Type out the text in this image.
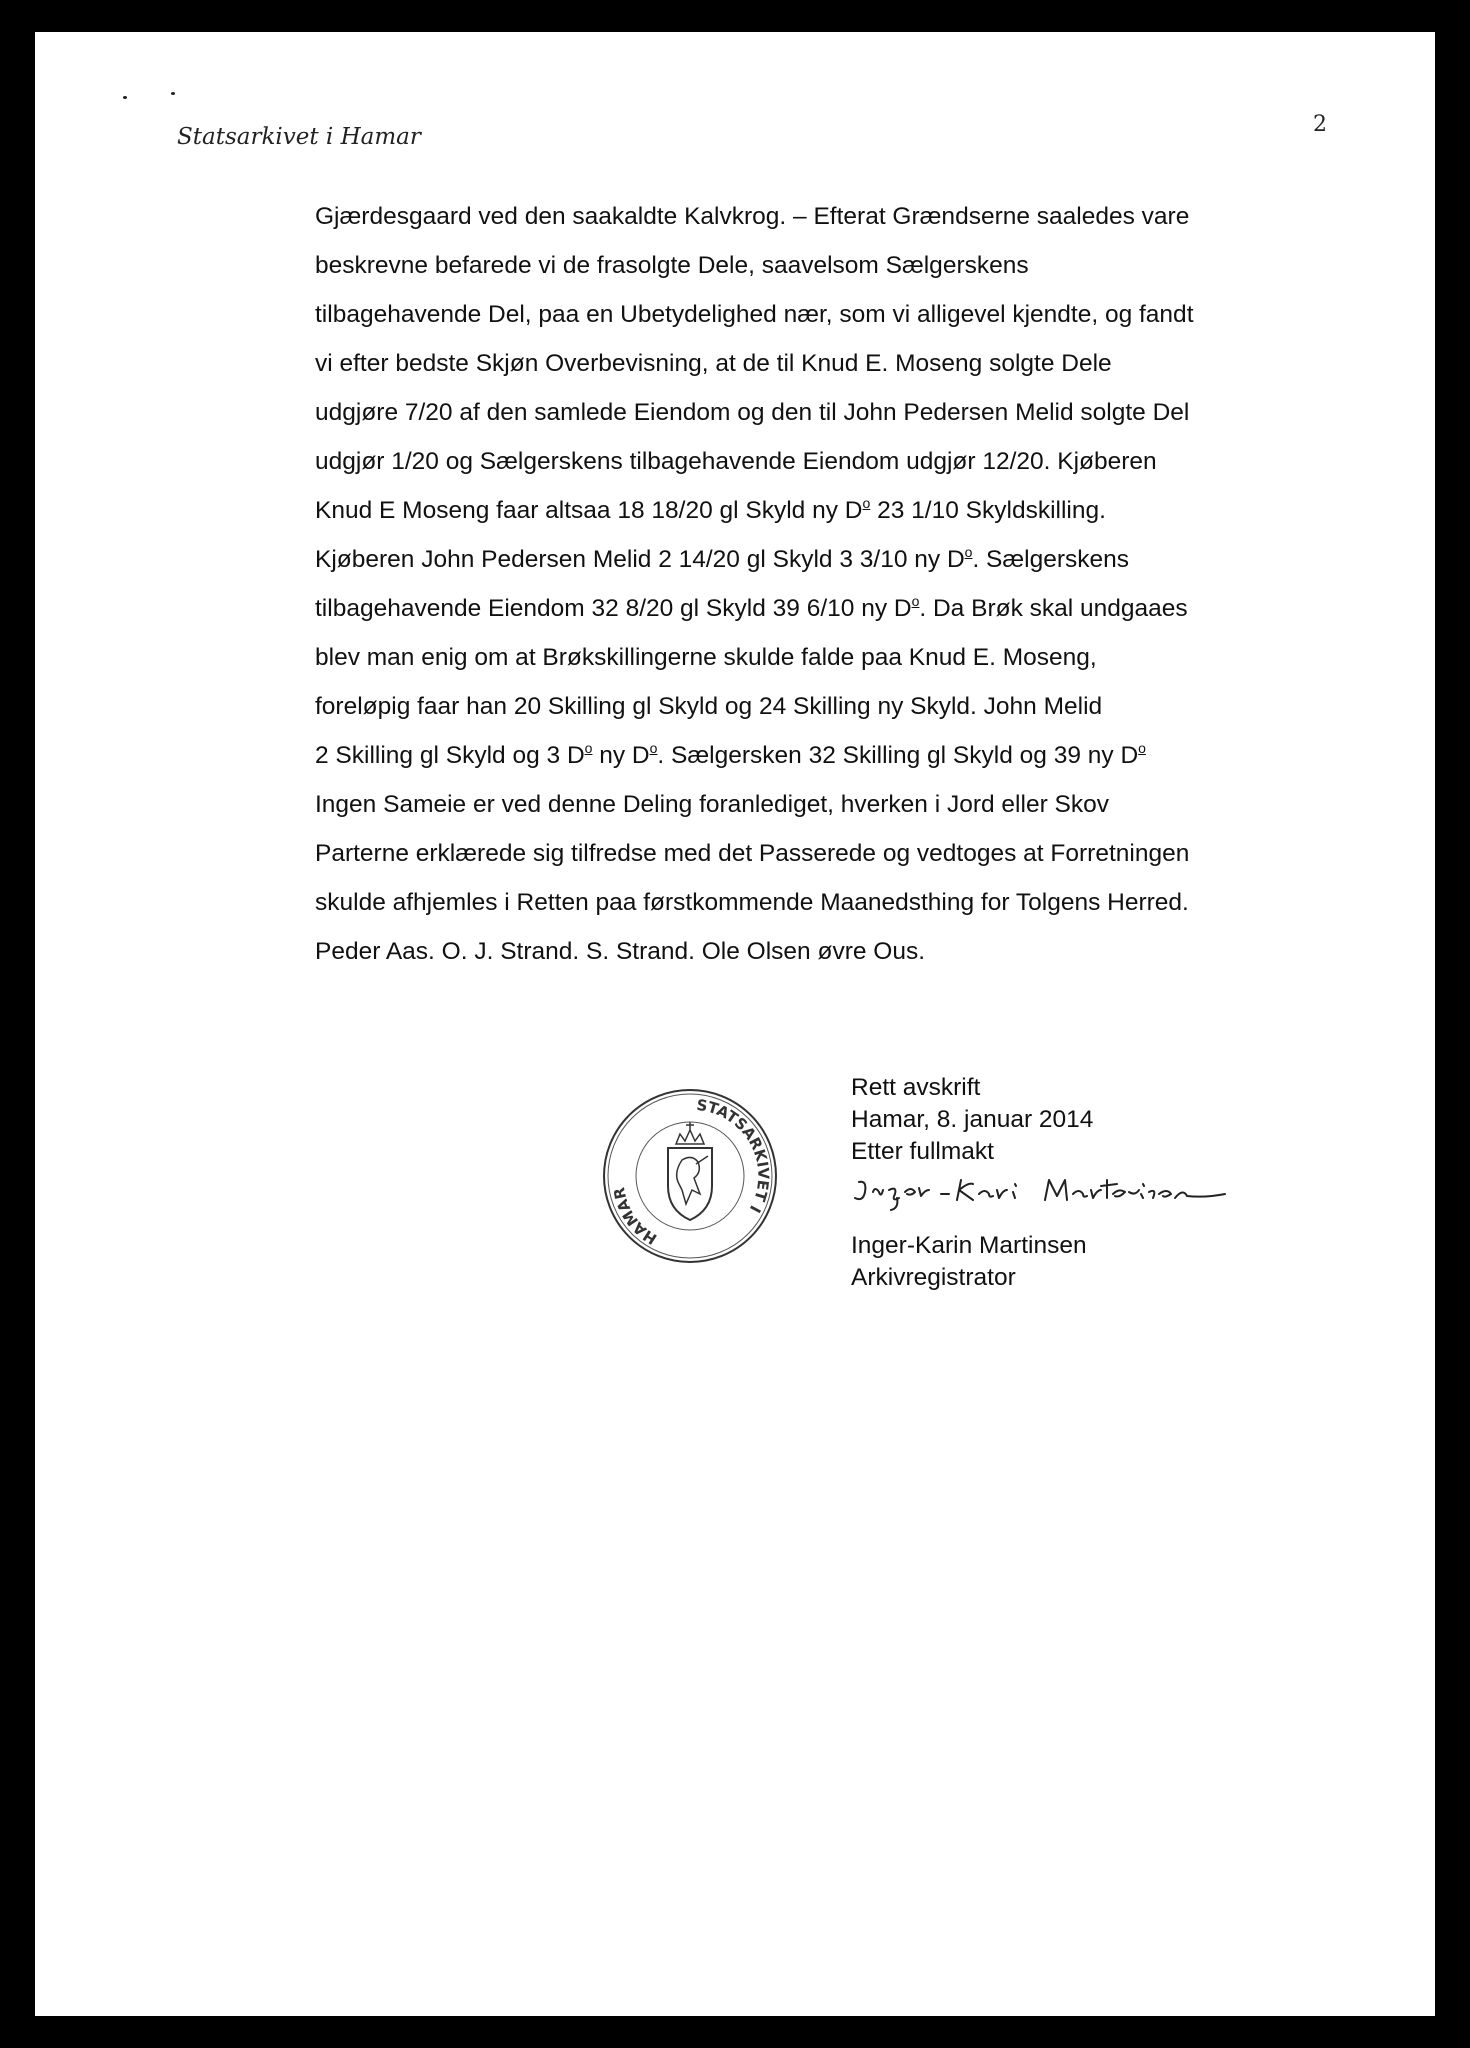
Statsarkivet i Hamar	2
Gjærdesgaard ved den saakaldte Kalvkrog. – Efterat Grændserne saaledes vare
beskrevne befarede vi de frasolgte Dele, saavelsom Sælgerskens
tilbagehavende Del, paa en Ubetydelighed nær, som vi alligevel kjendte, og fandt
vi efter bedste Skjøn Overbevisning, at de til Knud E. Moseng solgte Dele
udgjøre 7/20 af den samlede Eiendom og den til John Pedersen Melid solgte Del
udgjør 1/20 og Sælgerskens tilbagehavende Eiendom udgjør 12/20. Kjøberen
Knud E Moseng faar altsaa 18 18/20 gl Skyld ny $D^o$ 23 1/10 Skyldskilling.
Kjøberen John Pedersen Melid 2 14/20 gl Skyld 3 3/10 ny $D^o$. Sælgerskens
tilbagehavende Eiendom 32 8/20 gl Skyld 39 6/10 ny $D^o$. Da Brøk skal undgaaes
blev man enig om at Brøkskillingerne skulde falde paa Knud E. Moseng,
foreløpig faar han 20 Skilling gl Skyld og 24 Skilling ny Skyld. John Melid
2 Skilling gl Skyld og 3 $D^o$ ny $D^o$. Sælgersken 32 Skilling gl Skyld og 39 ny $D^o$
Ingen Sameie er ved denne Deling foranlediget, hverken i Jord eller Skov
Parterne erklærede sig tilfredse med det Passerede og vedtoges at Forretningen
skulde afhjemles i Retten paa førstkommende Maanedsthing for Tolgens Herred.
Peder Aas. O. J. Strand. S. Strand. Ole Olsen øvre Ous.
HAMAR
STATSARKIVET I
Rett avskrift
Hamar, 8. januar 2014
Etter fullmakt
Inger-Karin Martinsen
Arkivregistrator
